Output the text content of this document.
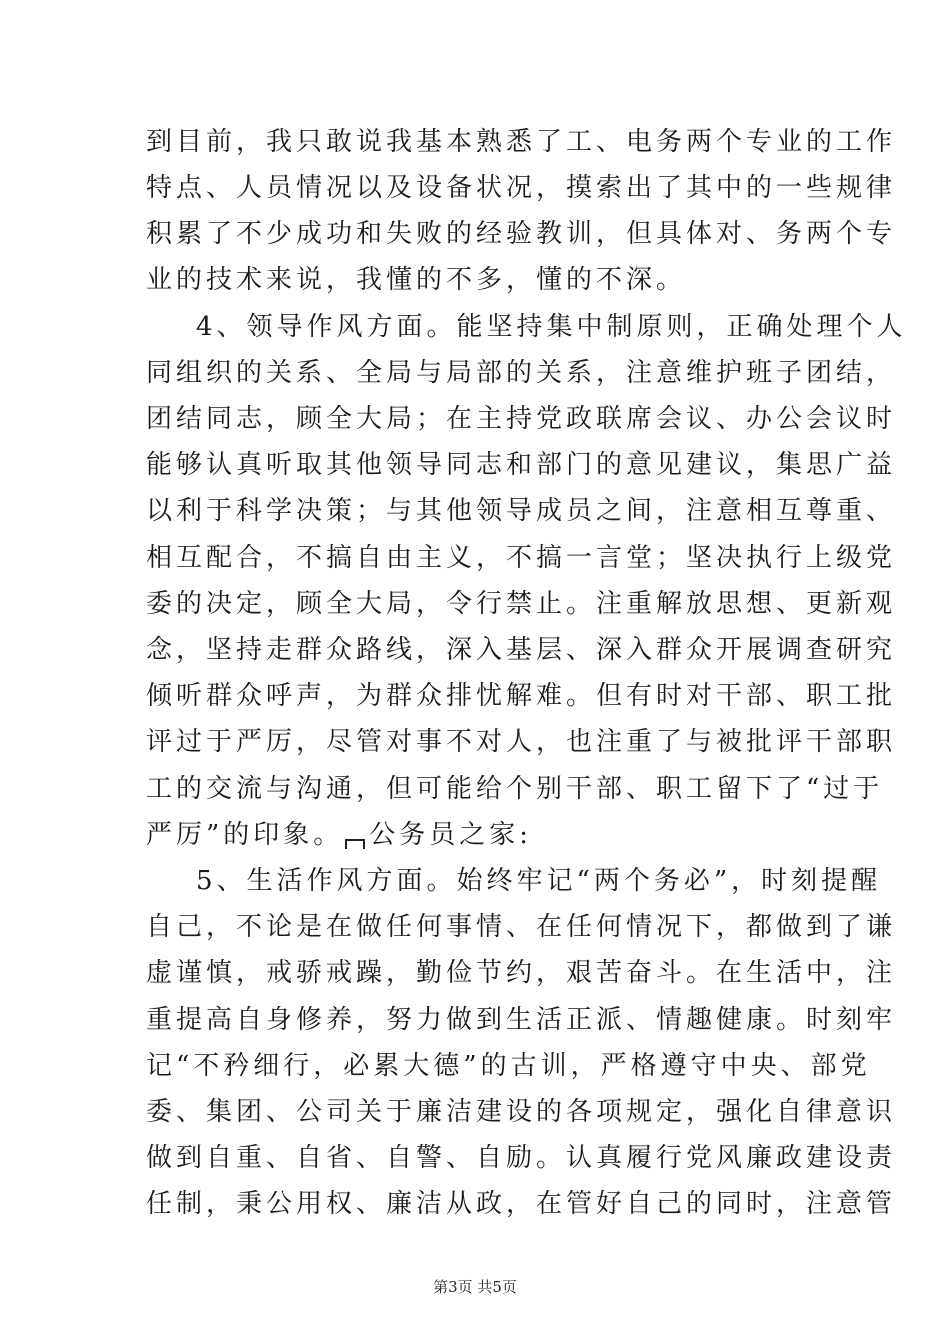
到目前，我只敢说我基本熟悉了工、电务两个专业的工作
特点、人员情况以及设备状况，摸索出了其中的一些规律
积累了不少成功和失败的经验教训，但具体对、务两个专
业的技术来说，我懂的不多，懂的不深。
4、领导作风方面。能坚持集中制原则，正确处理个人
同组织的关系、全局与局部的关系，注意维护班子团结，
团结同志，顾全大局；在主持党政联席会议、办公会议时
能够认真听取其他领导同志和部门的意见建议，集思广益
以利于科学决策；与其他领导成员之间，注意相互尊重、
相互配合，不搞自由主义，不搞一言堂；坚决执行上级党
委的决定，顾全大局，令行禁止。注重解放思想、更新观
念，坚持走群众路线，深入基层、深入群众开展调查研究
倾听群众呼声，为群众排忧解难。但有时对干部、职工批
评过于严厉，尽管对事不对人，也注重了与被批评干部职
工的交流与沟通，但可能给个别干部、职工留下了“过于
严厉”的印象。 公务员之家:
5、生活作风方面。始终牢记“两个务必”，时刻提醒
自己，不论是在做任何事情、在任何情况下，都做到了谦
虚谨慎，戒骄戒躁，勤俭节约，艰苦奋斗。在生活中，注
重提高自身修养，努力做到生活正派、情趣健康。时刻牢
记“不矜细行，必累大德”的古训，严格遵守中央、部党
委、集团、公司关于廉洁建设的各项规定，强化自律意识
做到自重、自省、自警、自励。认真履行党风廉政建设责
任制，秉公用权、廉洁从政，在管好自己的同时，注意管
第3页 共5页
